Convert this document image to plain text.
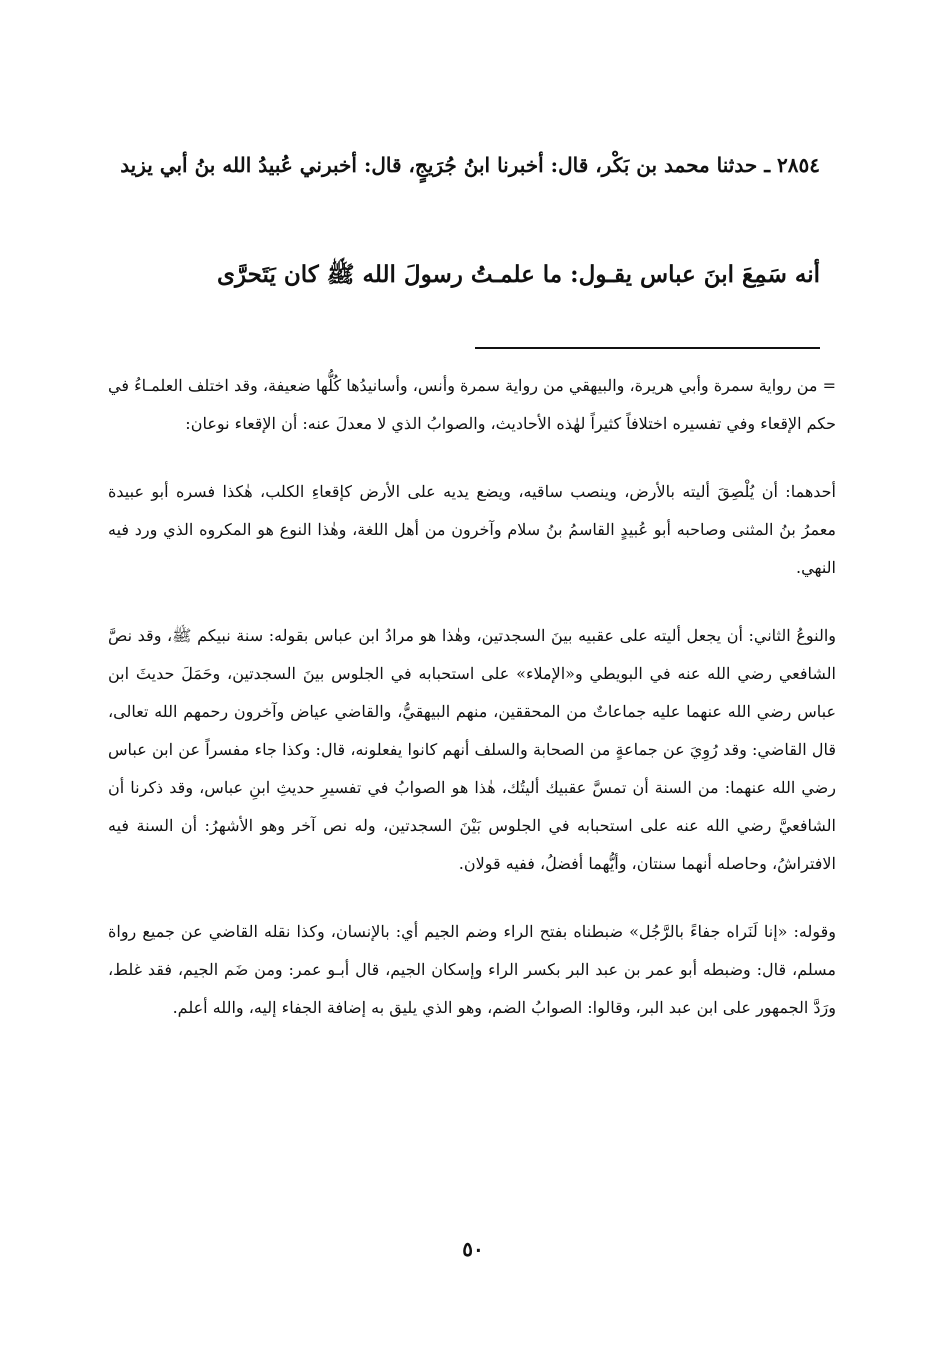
٢٨٥٤ ـ حدثنا محمد بن بَكْر، قال: أخبرنا ابنُ جُرَيجٍ، قال: أخبرني عُبيدُ الله بنُ أبي يزيد
أنه سَمِعَ ابنَ عباس يقـول: ما علمـتُ رسولَ الله ﷺ كان يَتَحرَّى

= من رواية سمرة وأبي هريرة، والبيهقي من رواية سمرة وأنس، وأسانيدُها كُلُّها ضعيفة، وقد اختلف العلمـاءُ في حكم الإقعاء وفي تفسيره اختلافاً كثيراً لهٰذه الأحاديث، والصوابُ الذي لا معدلَ عنه: أن الإقعاء نوعان:

أحدهما: أن يُلْصِقَ أليته بالأرض، وينصب ساقيه، ويضع يديه على الأرض كإقعاءِ الكلب، هٰكذا فسره أبو عبيدة معمرُ بنُ المثنى وصاحبه أبو عُبيدٍ القاسمُ بنُ سلام وآخرون من أهل اللغة، وهٰذا النوع هو المكروه الذي ورد فيه النهي.

والنوعُ الثاني: أن يجعل أليته على عقبيه بينَ السجدتين، وهٰذا هو مرادُ ابن عباس بقوله: سنة نبيكم ﷺ، وقد نصَّ الشافعي رضي الله عنه في البويطي و«الإملاء» على استحبابه في الجلوس بينَ السجدتين، وحَمَلَ حديثَ ابن عباس رضي الله عنهما عليه جماعاتٌ من المحققين، منهم البيهقيُّ، والقاضي عياض وآخرون رحمهم الله تعالى، قال القاضي: وقد رُوِيَ عن جماعةٍ من الصحابة والسلف أنهم كانوا يفعلونه، قال: وكذا جاء مفسراً عن ابن عباس رضي الله عنهما: من السنة أن تمسَّ عقبيك أليتُك، هٰذا هو الصوابُ في تفسيرِ حديثِ ابنِ عباس، وقد ذكرنا أن الشافعيَّ رضي الله عنه على استحبابه في الجلوس بَيْنَ السجدتين، وله نص آخر وهو الأشهرُ: أن السنة فيه الافتراشُ، وحاصله أنهما سنتان، وأيُّهما أفضلُ، ففيه قولان.

وقوله: «إنا لَنَراه جفاءً بالرَّجُل» ضبطناه بفتح الراء وضم الجيم أي: بالإنسان، وكذا نقله القاضي عن جميع رواة مسلم، قال: وضبطه أبو عمر بن عبد البر بكسر الراء وإسكان الجيم، قال أبـو عمر: ومن ضَم الجيم، فقد غلط، ورَدَّ الجمهور على ابن عبد البر، وقالوا: الصوابُ الضم، وهو الذي يليق به إضافة الجفاء إليه، والله أعلم.

٥٠
